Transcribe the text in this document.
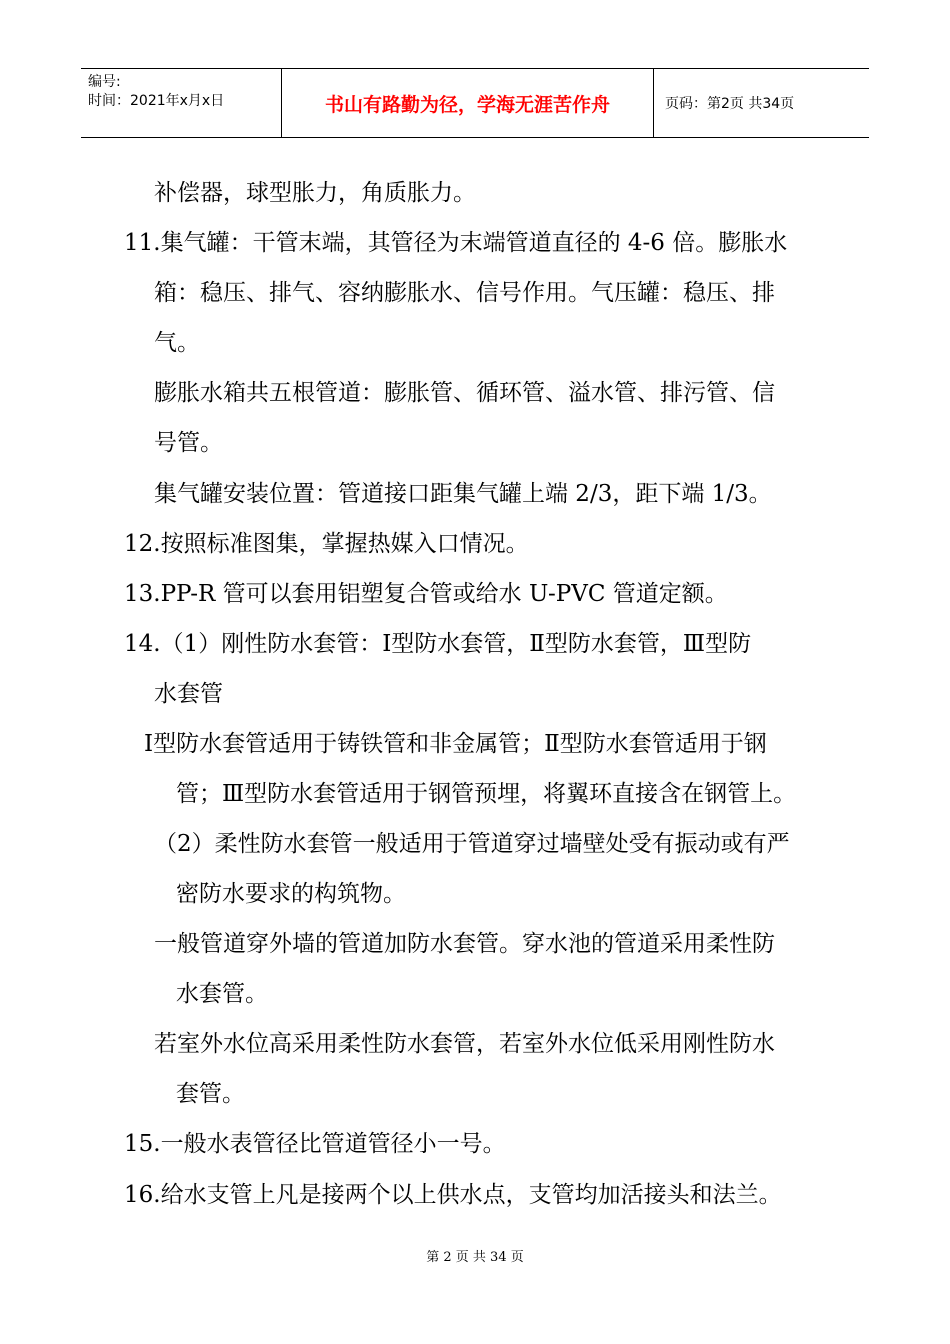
编号:
时间：2021年x月x日	书山有路勤为径，学海无涯苦作舟	页码：第2页 共34页
补偿器，球型胀力，角质胀力。
11.集气罐：干管末端，其管径为末端管道直径的 4-6 倍。膨胀水
箱：稳压、排气、容纳膨胀水、信号作用。气压罐：稳压、排
气。
膨胀水箱共五根管道：膨胀管、循环管、溢水管、排污管、信
号管。
集气罐安装位置：管道接口距集气罐上端 2/3，距下端 1/3。
12.按照标准图集，掌握热媒入口情况。
13.PP-R 管可以套用铝塑复合管或给水 U-PVC 管道定额。
14.（1）刚性防水套管：Ⅰ型防水套管，Ⅱ型防水套管，Ⅲ型防
水套管
Ⅰ型防水套管适用于铸铁管和非金属管；Ⅱ型防水套管适用于钢
管；Ⅲ型防水套管适用于钢管预埋，将翼环直接含在钢管上。
（2）柔性防水套管一般适用于管道穿过墙壁处受有振动或有严
密防水要求的构筑物。
一般管道穿外墙的管道加防水套管。穿水池的管道采用柔性防
水套管。
若室外水位高采用柔性防水套管，若室外水位低采用刚性防水
套管。
15.一般水表管径比管道管径小一号。
16.给水支管上凡是接两个以上供水点，支管均加活接头和法兰。
第 2 页 共 34 页
